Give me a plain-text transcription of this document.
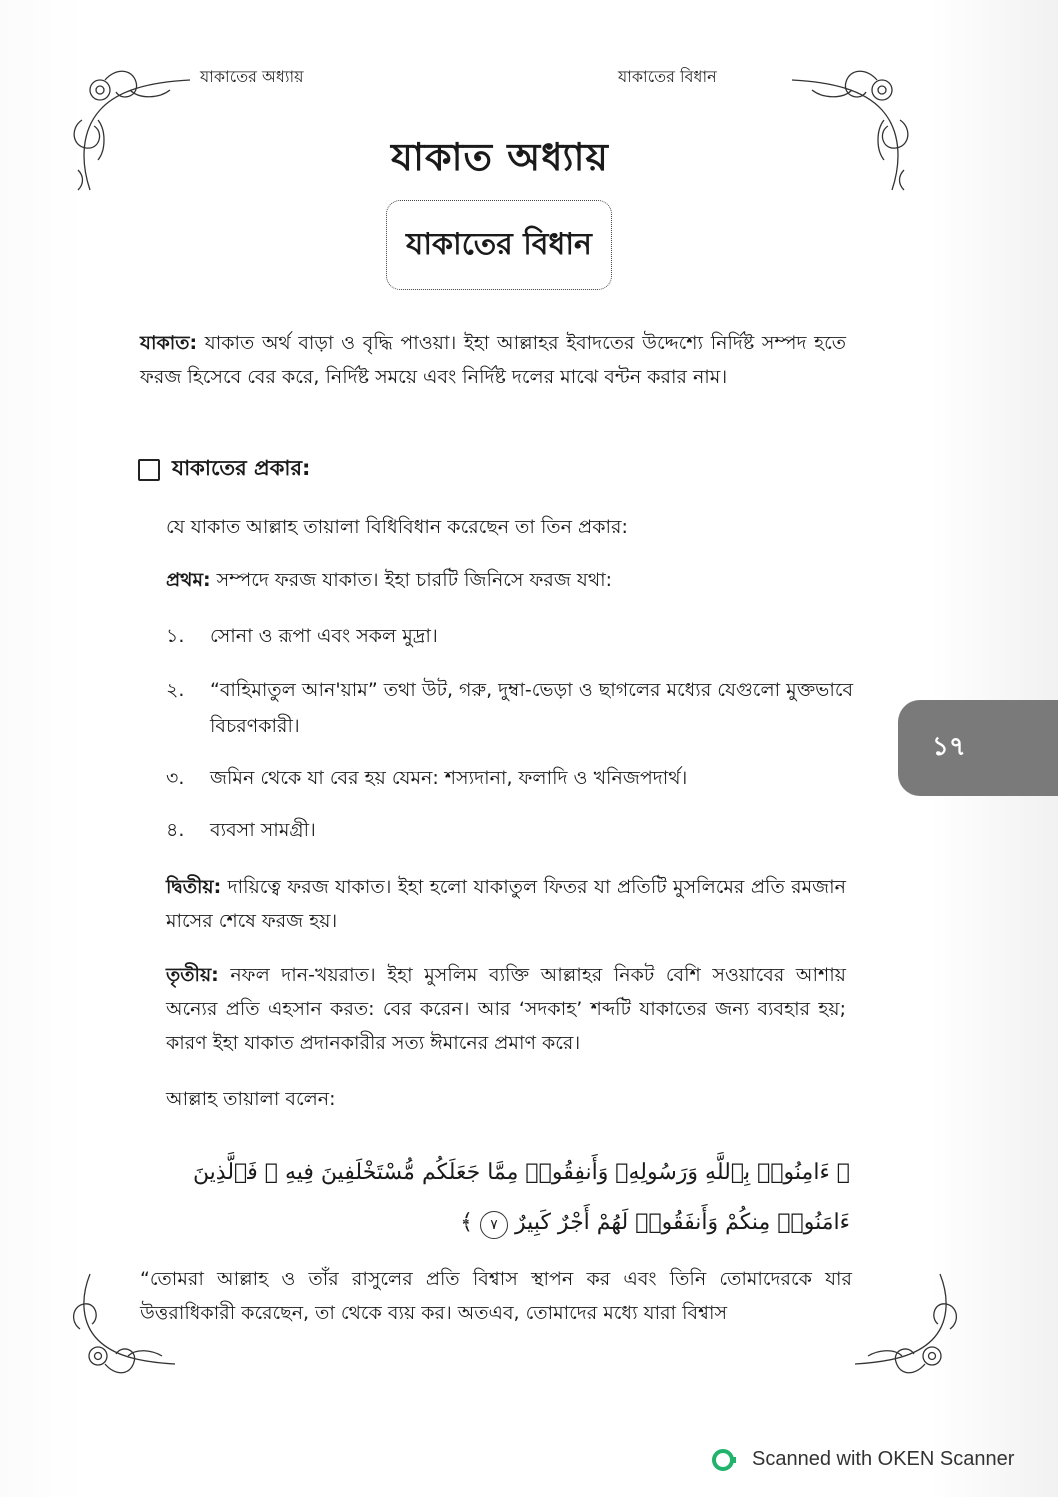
যাকাতের অধ্যায়	যাকাতের বিধান
যাকাত অধ্যায়
যাকাতের বিধান
যাকাত: যাকাত অর্থ বাড়া ও বৃদ্ধি পাওয়া। ইহা আল্লাহর ইবাদতের উদ্দেশ্যে নির্দিষ্ট সম্পদ হতে ফরজ হিসেবে বের করে, নির্দিষ্ট সময়ে এবং নির্দিষ্ট দলের মাঝে বন্টন করার নাম।
যাকাতের প্রকার:
যে যাকাত আল্লাহ তায়ালা বিধিবিধান করেছেন তা তিন প্রকার:
প্রথম: সম্পদে ফরজ যাকাত। ইহা চারটি জিনিসে ফরজ যথা:
১.	সোনা ও রূপা এবং সকল মুদ্রা।
২.	“বাহিমাতুল আন'য়াম” তথা উট, গরু, দুম্বা-ভেড়া ও ছাগলের মধ্যের যেগুলো মুক্তভাবে বিচরণকারী।
৩.	জমিন থেকে যা বের হয় যেমন: শস্যদানা, ফলাদি ও খনিজপদার্থ।
৪.	ব্যবসা সামগ্রী।
দ্বিতীয়: দায়িত্বে ফরজ যাকাত। ইহা হলো যাকাতুল ফিতর যা প্রতিটি মুসলিমের প্রতি রমজান মাসের শেষে ফরজ হয়।
তৃতীয়: নফল দান-খয়রাত। ইহা মুসলিম ব্যক্তি আল্লাহর নিকট বেশি সওয়াবের আশায় অন্যের প্রতি এহসান করত: বের করেন। আর ‘সদকাহ’ শব্দটি যাকাতের জন্য ব্যবহার হয়; কারণ ইহা যাকাত প্রদানকারীর সত্য ঈমানের প্রমাণ করে।
আল্লাহ তায়ালা বলেন:
﴿ ءَامِنُوا۟ بِٱللَّهِ وَرَسُولِهِۦ وَأَنفِقُوا۟ مِمَّا جَعَلَكُم مُّسْتَخْلَفِينَ فِيهِ ۖ فَٱلَّذِينَ ءَامَنُوا۟ مِنكُمْ وَأَنفَقُوا۟ لَهُمْ أَجْرٌ كَبِيرٌ ٧ ﴾
“তোমরা আল্লাহ ও তাঁর রাসুলের প্রতি বিশ্বাস স্থাপন কর এবং তিনি তোমাদেরকে যার উত্তরাধিকারী করেছেন, তা থেকে ব্যয় কর। অতএব, তোমাদের মধ্যে যারা বিশ্বাস
১৭
Scanned with OKEN Scanner
